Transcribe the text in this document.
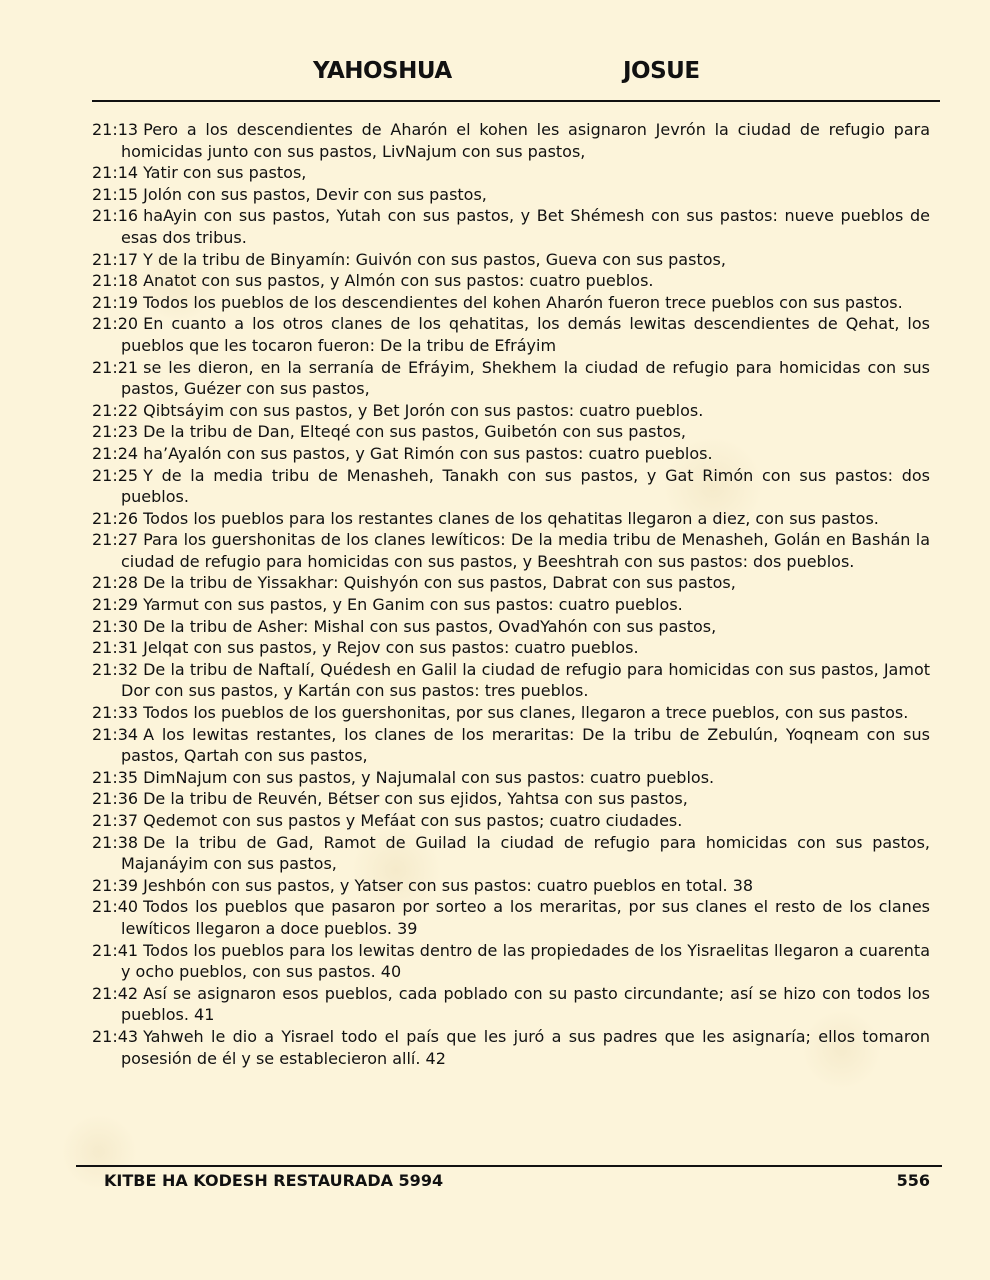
YAHOSHUA	JOSUE
21:13 Pero a los descendientes de Aharón el kohen les asignaron Jevrón la ciudad de refugio para homicidas junto con sus pastos, LivNajum con sus pastos,
21:14 Yatir con sus pastos,
21:15 Jolón con sus pastos, Devir con sus pastos,
21:16 haAyin con sus pastos, Yutah con sus pastos, y Bet Shémesh con sus pastos: nueve pueblos de esas dos tribus.
21:17 Y de la tribu de Binyamín: Guivón con sus pastos, Gueva con sus pastos,
21:18 Anatot con sus pastos, y Almón con sus pastos: cuatro pueblos.
21:19 Todos los pueblos de los descendientes del kohen Aharón fueron trece pueblos con sus pastos.
21:20 En cuanto a los otros clanes de los qehatitas, los demás lewitas descendientes de Qehat, los pueblos que les tocaron fueron: De la tribu de Efráyim
21:21 se les dieron, en la serranía de Efráyim, Shekhem la ciudad de refugio para homicidas con sus pastos, Guézer con sus pastos,
21:22 Qibtsáyim con sus pastos, y Bet Jorón con sus pastos: cuatro pueblos.
21:23 De la tribu de Dan, Elteqé con sus pastos, Guibetón con sus pastos,
21:24 ha’Ayalón con sus pastos, y Gat Rimón con sus pastos: cuatro pueblos.
21:25 Y de la media tribu de Menasheh, Tanakh con sus pastos, y Gat Rimón con sus pastos: dos pueblos.
21:26 Todos los pueblos para los restantes clanes de los qehatitas llegaron a diez, con sus pastos.
21:27 Para los guershonitas de los clanes lewíticos: De la media tribu de Menasheh, Golán en Bashán la ciudad de refugio para homicidas con sus pastos, y Beeshtrah con sus pastos: dos pueblos.
21:28 De la tribu de Yissakhar: Quishyón con sus pastos, Dabrat con sus pastos,
21:29 Yarmut con sus pastos, y En Ganim con sus pastos: cuatro pueblos.
21:30 De la tribu de Asher: Mishal con sus pastos, OvadYahón con sus pastos,
21:31 Jelqat con sus pastos, y Rejov con sus pastos: cuatro pueblos.
21:32 De la tribu de Naftalí, Quédesh en Galil la ciudad de refugio para homicidas con sus pastos, Jamot Dor con sus pastos, y Kartán con sus pastos: tres pueblos.
21:33 Todos los pueblos de los guershonitas, por sus clanes, llegaron a trece pueblos, con sus pastos.
21:34 A los lewitas restantes, los clanes de los meraritas: De la tribu de Zebulún, Yoqneam con sus pastos, Qartah con sus pastos,
21:35 DimNajum con sus pastos, y Najumalal con sus pastos: cuatro pueblos.
21:36 De la tribu de Reuvén, Bétser con sus ejidos, Yahtsa con sus pastos,
21:37 Qedemot con sus pastos y Mefáat con sus pastos; cuatro ciudades.
21:38 De la tribu de Gad, Ramot de Guilad la ciudad de refugio para homicidas con sus pastos, Majanáyim con sus pastos,
21:39 Jeshbón con sus pastos, y Yatser con sus pastos: cuatro pueblos en total. 38
21:40 Todos los pueblos que pasaron por sorteo a los meraritas, por sus clanes el resto de los clanes lewíticos llegaron a doce pueblos. 39
21:41 Todos los pueblos para los lewitas dentro de las propiedades de los Yisraelitas llegaron a cuarenta y ocho pueblos, con sus pastos. 40
21:42 Así se asignaron esos pueblos, cada poblado con su pasto circundante; así se hizo con todos los pueblos. 41
21:43 Yahweh le dio a Yisrael todo el país que les juró a sus padres que les asignaría; ellos tomaron posesión de él y se establecieron allí. 42
KITBE HA KODESH RESTAURADA 5994	556
